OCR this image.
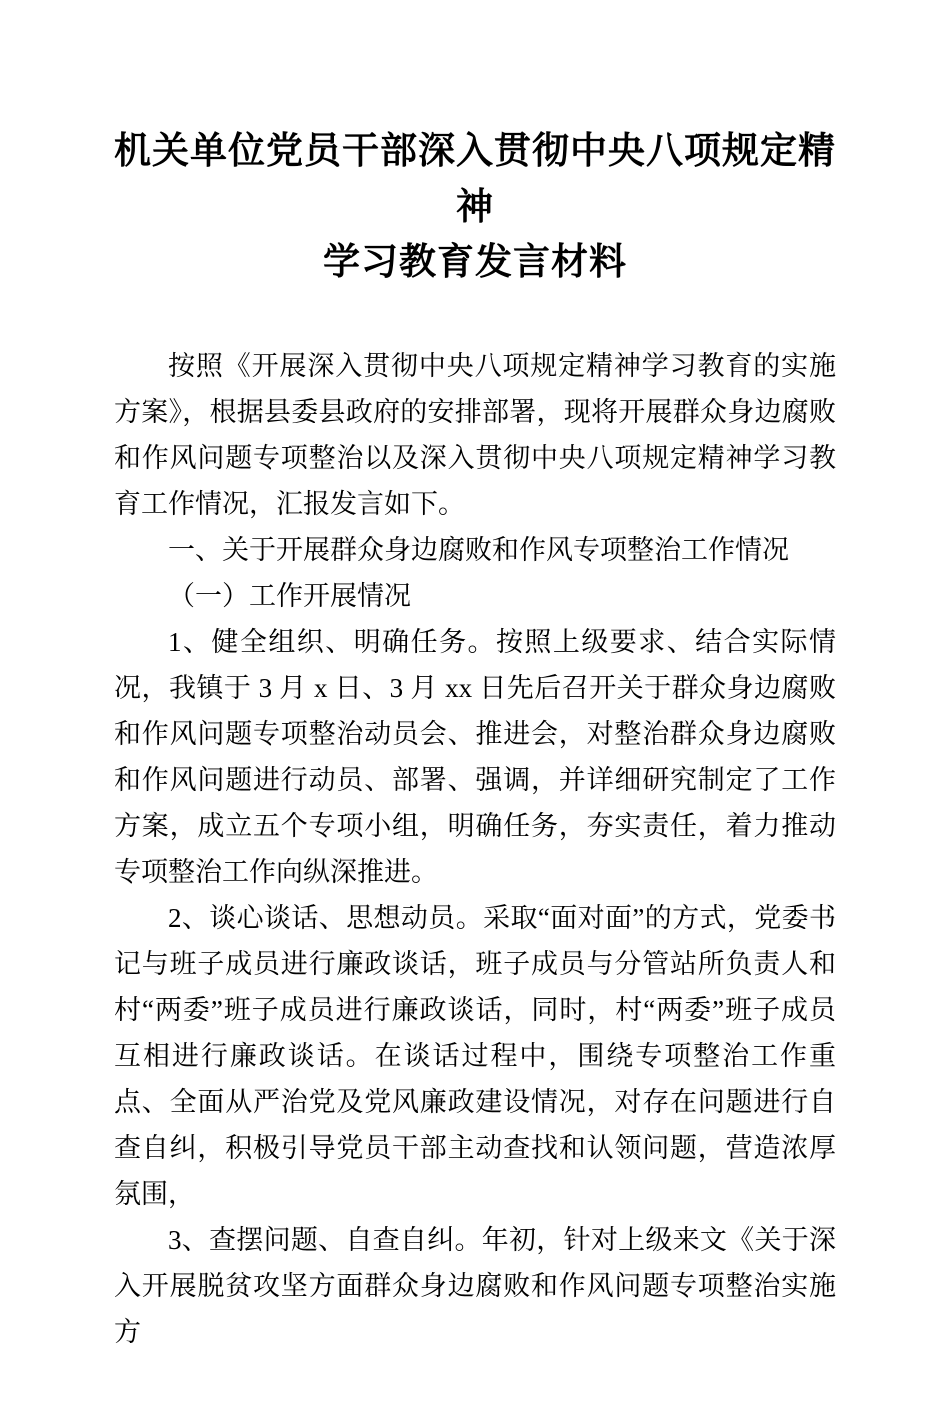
机关单位党员干部深入贯彻中央八项规定精神
学习教育发言材料

按照《开展深入贯彻中央八项规定精神学习教育的实施方案》，根据县委县政府的安排部署，现将开展群众身边腐败和作风问题专项整治以及深入贯彻中央八项规定精神学习教育工作情况，汇报发言如下。

一、关于开展群众身边腐败和作风专项整治工作情况

（一）工作开展情况

1、健全组织、明确任务。按照上级要求、结合实际情况，我镇于 3 月 x 日、3 月 xx 日先后召开关于群众身边腐败和作风问题专项整治动员会、推进会，对整治群众身边腐败和作风问题进行动员、部署、强调，并详细研究制定了工作方案，成立五个专项小组，明确任务，夯实责任，着力推动专项整治工作向纵深推进。

2、谈心谈话、思想动员。采取“面对面”的方式，党委书记与班子成员进行廉政谈话，班子成员与分管站所负责人和村“两委”班子成员进行廉政谈话，同时，村“两委”班子成员互相进行廉政谈话。在谈话过程中，围绕专项整治工作重点、全面从严治党及党风廉政建设情况，对存在问题进行自查自纠，积极引导党员干部主动查找和认领问题，营造浓厚氛围，

3、查摆问题、自查自纠。年初，针对上级来文《关于深入开展脱贫攻坚方面群众身边腐败和作风问题专项整治实施方
